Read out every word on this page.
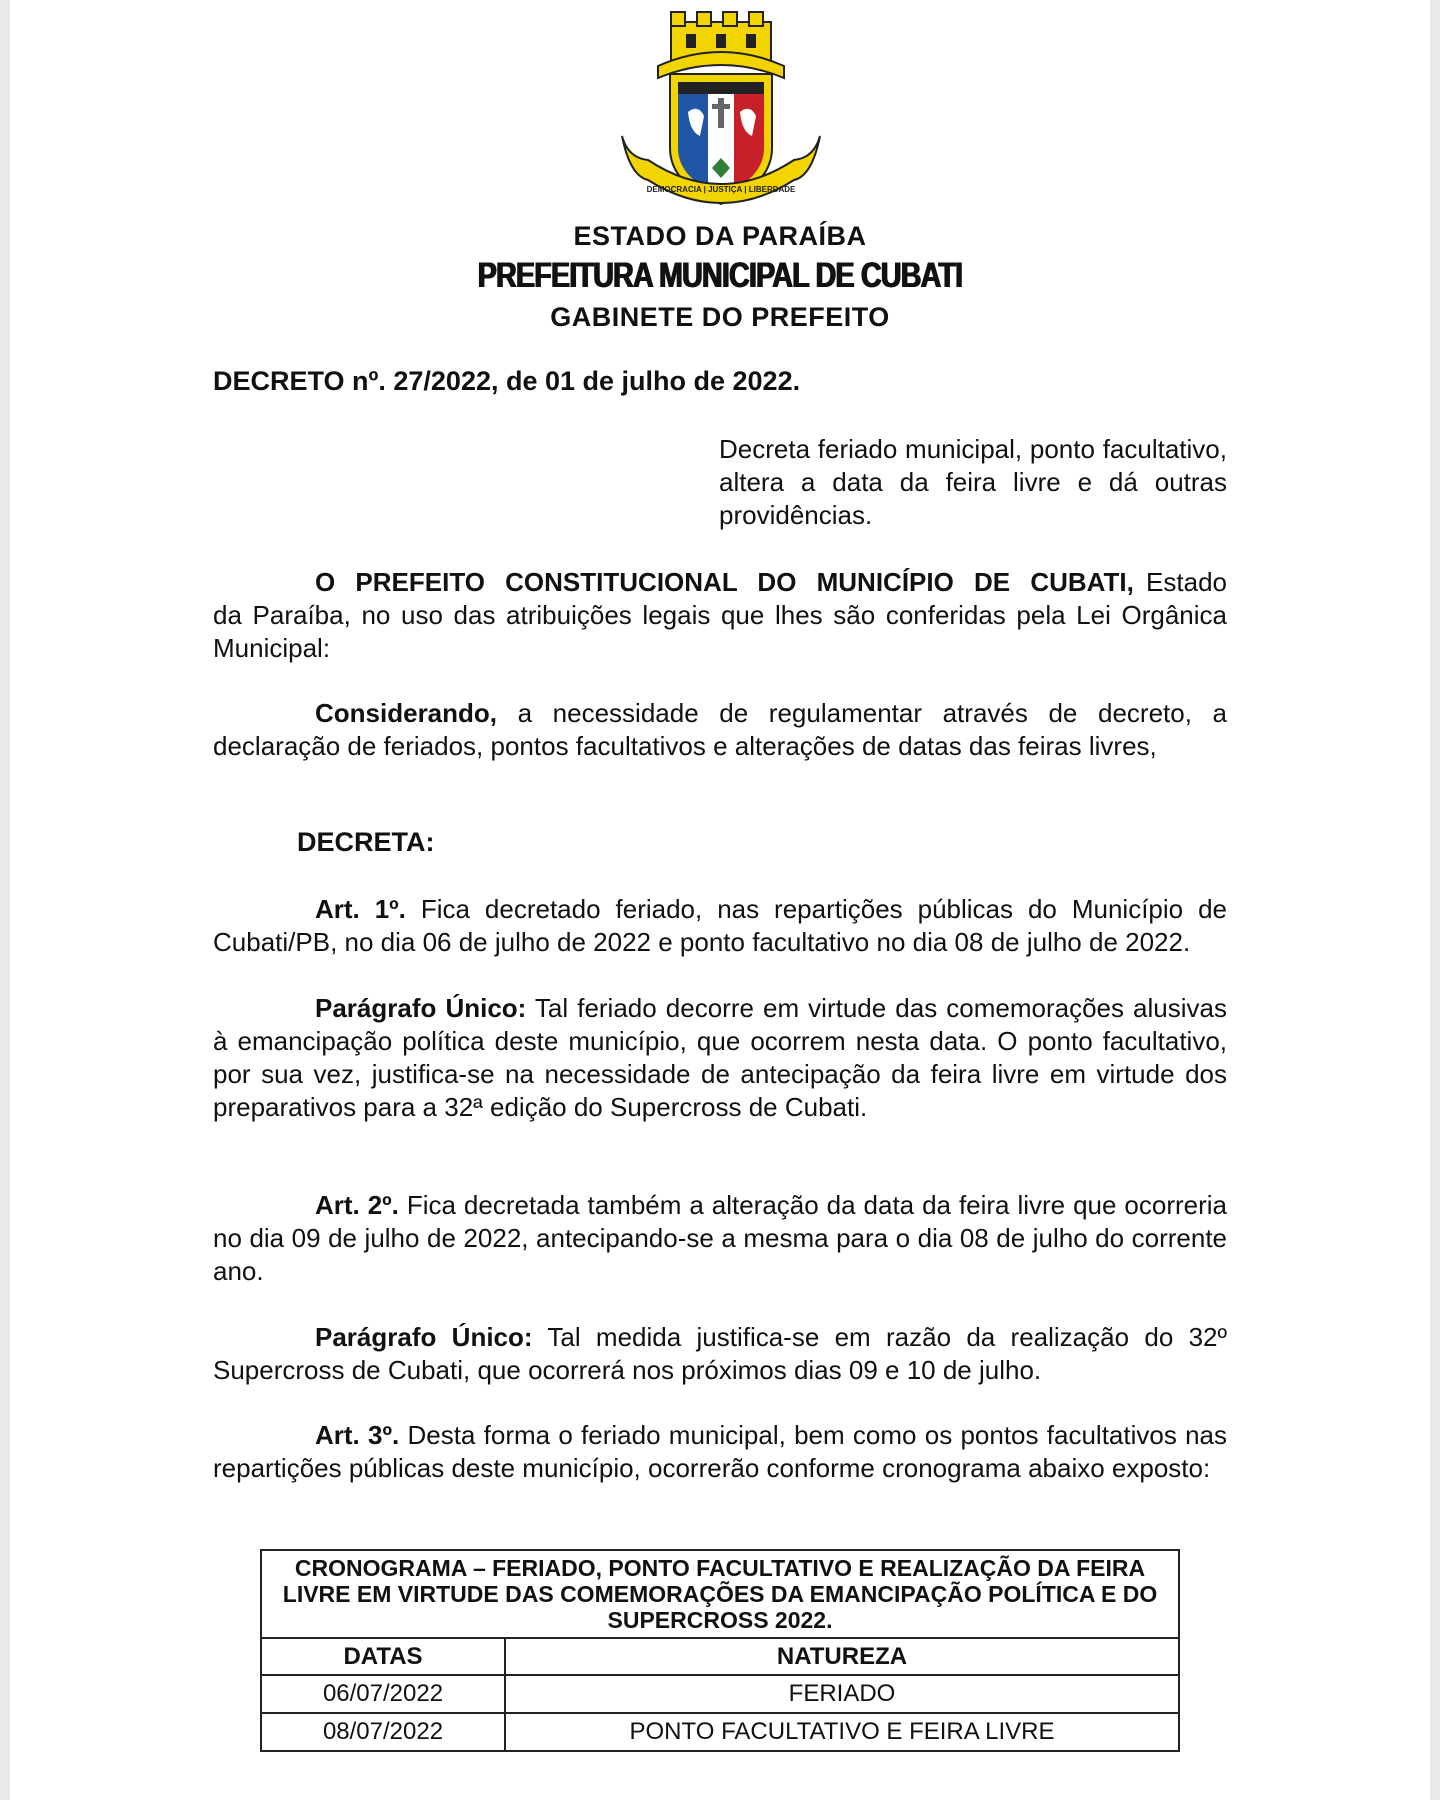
DEMOCRACIA | JUSTIÇA | LIBERDADE
ESTADO DA PARAÍBA
PREFEITURA MUNICIPAL DE CUBATI
GABINETE DO PREFEITO

DECRETO nº. 27/2022, de 01 de julho de 2022.

Decreta feriado municipal, ponto facultativo, altera a data da feira livre e dá outras providências.

O PREFEITO CONSTITUCIONAL DO MUNICÍPIO DE CUBATI, Estado da Paraíba, no uso das atribuições legais que lhes são conferidas pela Lei Orgânica Municipal:

Considerando, a necessidade de regulamentar através de decreto, a declaração de feriados, pontos facultativos e alterações de datas das feiras livres,

DECRETA:

Art. 1º. Fica decretado feriado, nas repartições públicas do Município de Cubati/PB, no dia 06 de julho de 2022 e ponto facultativo no dia 08 de julho de 2022.

Parágrafo Único: Tal feriado decorre em virtude das comemorações alusivas à emancipação política deste município, que ocorrem nesta data. O ponto facultativo, por sua vez, justifica-se na necessidade de antecipação da feira livre em virtude dos preparativos para a 32ª edição do Supercross de Cubati.

Art. 2º. Fica decretada também a alteração da data da feira livre que ocorreria no dia 09 de julho de 2022, antecipando-se a mesma para o dia 08 de julho do corrente ano.

Parágrafo Único: Tal medida justifica-se em razão da realização do 32º Supercross de Cubati, que ocorrerá nos próximos dias 09 e 10 de julho.

Art. 3º. Desta forma o feriado municipal, bem como os pontos facultativos nas repartições públicas deste município, ocorrerão conforme cronograma abaixo exposto:

CRONOGRAMA – FERIADO, PONTO FACULTATIVO E REALIZAÇÃO DA FEIRA LIVRE EM VIRTUDE DAS COMEMORAÇÕES DA EMANCIPAÇÃO POLÍTICA E DO SUPERCROSS 2022.	
DATAS	NATUREZA
06/07/2022	FERIADO
08/07/2022	PONTO FACULTATIVO E FEIRA LIVRE
